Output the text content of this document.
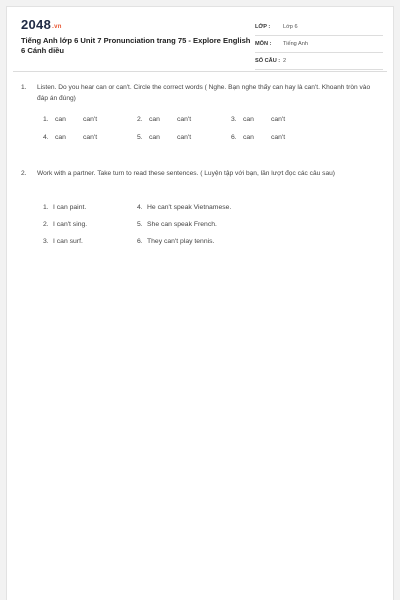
2048.vn
Tiếng Anh lớp 6 Unit 7 Pronunciation trang 75 - Explore English 6 Cánh diều
LỚP :	Lớp 6
MÔN :	Tiếng Anh
SỐ CÂU : 2
1. Listen. Do you hear can or can't. Circle the correct words ( Nghe. Bạn nghe thấy can hay là can't. Khoanh tròn vào đáp án đúng)
1. can	can't	2. can	can't	3. can	can't
4. can	can't	5. can	can't	6. can	can't
2. Work with a partner. Take turn to read these sentences. ( Luyện tập với bạn, lần lượt đọc các câu sau)
1. I can paint.
2. I can't sing.
3. I can surf.
4. He can't speak Vietnamese.
5. She can speak French.
6. They can't play tennis.
